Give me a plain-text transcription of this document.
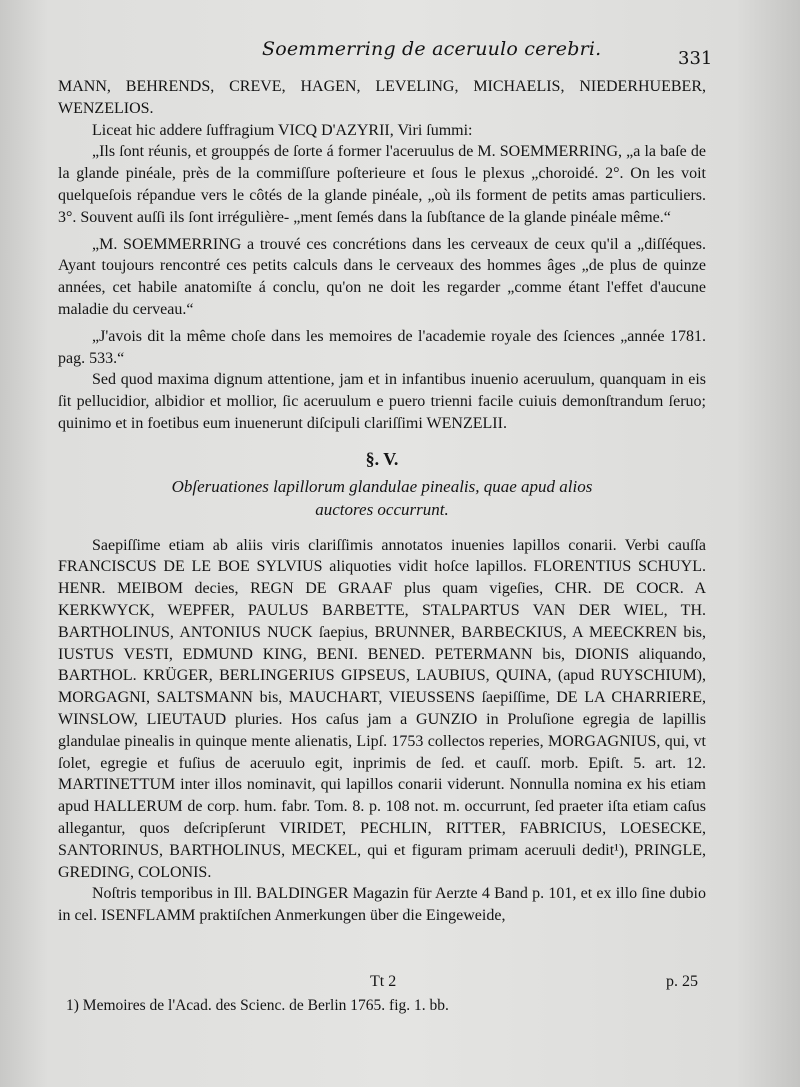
Soemmerring de aceruulo cerebri.	331

MANN, BEHRENDS, CREVE, HAGEN, LEVELING, MICHAELIS, NIEDERHUEBER, WENZELIOS.

Liceat hic addere ſuffragium VICQ D'AZYRII, Viri ſummi:

„Ils ſont réunis, et grouppés de ſorte á former l'aceruulus de M. SOEMMERRING, „a la baſe de la glande pinéale, près de la commiſſure poſterieure et ſous le plexus „choroidé. 2°. On les voit quelqueſois répandue vers le côtés de la glande pinéale, „où ils forment de petits amas particuliers. 3°. Souvent auſſi ils ſont irrégulière- „ment ſemés dans la ſubſtance de la glande pinéale même.“

„M. SOEMMERRING a trouvé ces concrétions dans les cerveaux de ceux qu'il a „diſſéques. Ayant toujours rencontré ces petits calculs dans le cerveaux des hommes âges „de plus de quinze années, cet habile anatomiſte á conclu, qu'on ne doit les regarder „comme étant l'effet d'aucune maladie du cerveau.“

„J'avois dit la même choſe dans les memoires de l'academie royale des ſciences „année 1781. pag. 533.“

Sed quod maxima dignum attentione, jam et in infantibus inuenio aceruulum, quanquam in eis ſit pellucidior, albidior et mollior, ſic aceruulum e puero trienni facile cuiuis demonſtrandum ſeruo; quinimo et in foetibus eum inuenerunt diſcipuli clariſſimi WENZELII.

§. V.

Obſeruationes lapillorum glandulae pinealis, quae apud alios
auctores occurrunt.

Saepiſſime etiam ab aliis viris clariſſimis annotatos inuenies lapillos conarii. Verbi cauſſa FRANCISCUS DE LE BOE SYLVIUS aliquoties vidit hoſce lapillos. FLORENTIUS SCHUYL. HENR. MEIBOM decies, REGN DE GRAAF plus quam vigeſies, CHR. DE COCR. A KERKWYCK, WEPFER, PAULUS BARBETTE, STALPARTUS VAN DER WIEL, TH. BARTHOLINUS, ANTONIUS NUCK ſaepius, BRUNNER, BARBECKIUS, A MEECKREN bis, IUSTUS VESTI, EDMUND KING, BENI. BENED. PETERMANN bis, DIONIS aliquando, BARTHOL. KRÜGER, BERLINGERIUS GIPSEUS, LAUBIUS, QUINA, (apud RUYSCHIUM), MORGAGNI, SALTSMANN bis, MAUCHART, VIEUSSENS ſaepiſſime, DE LA CHARRIERE, WINSLOW, LIEUTAUD pluries. Hos caſus jam a GUNZIO in Proluſione egregia de lapillis glandulae pinealis in quinque mente alienatis, Lipſ. 1753 collectos reperies, MORGAGNIUS, qui, vt ſolet, egregie et fuſius de aceruulo egit, inprimis de ſed. et cauſſ. morb. Epiſt. 5. art. 12. MARTINETTUM inter illos nominavit, qui lapillos conarii viderunt. Nonnulla nomina ex his etiam apud HALLERUM de corp. hum. fabr. Tom. 8. p. 108 not. m. occurrunt, ſed praeter iſta etiam caſus allegantur, quos deſcripſerunt VIRIDET, PECHLIN, RITTER, FABRICIUS, LOESECKE, SANTORINUS, BARTHOLINUS, MECKEL, qui et figuram primam aceruuli dedit¹), PRINGLE, GREDING, COLONIS.

Noſtris temporibus in Ill. BALDINGER Magazin für Aerzte 4 Band p. 101, et ex illo ſine dubio in cel. ISENFLAMM praktiſchen Anmerkungen über die Eingeweide,

Tt 2	p. 25
1) Memoires de l'Acad. des Scienc. de Berlin 1765. fig. 1. bb.
